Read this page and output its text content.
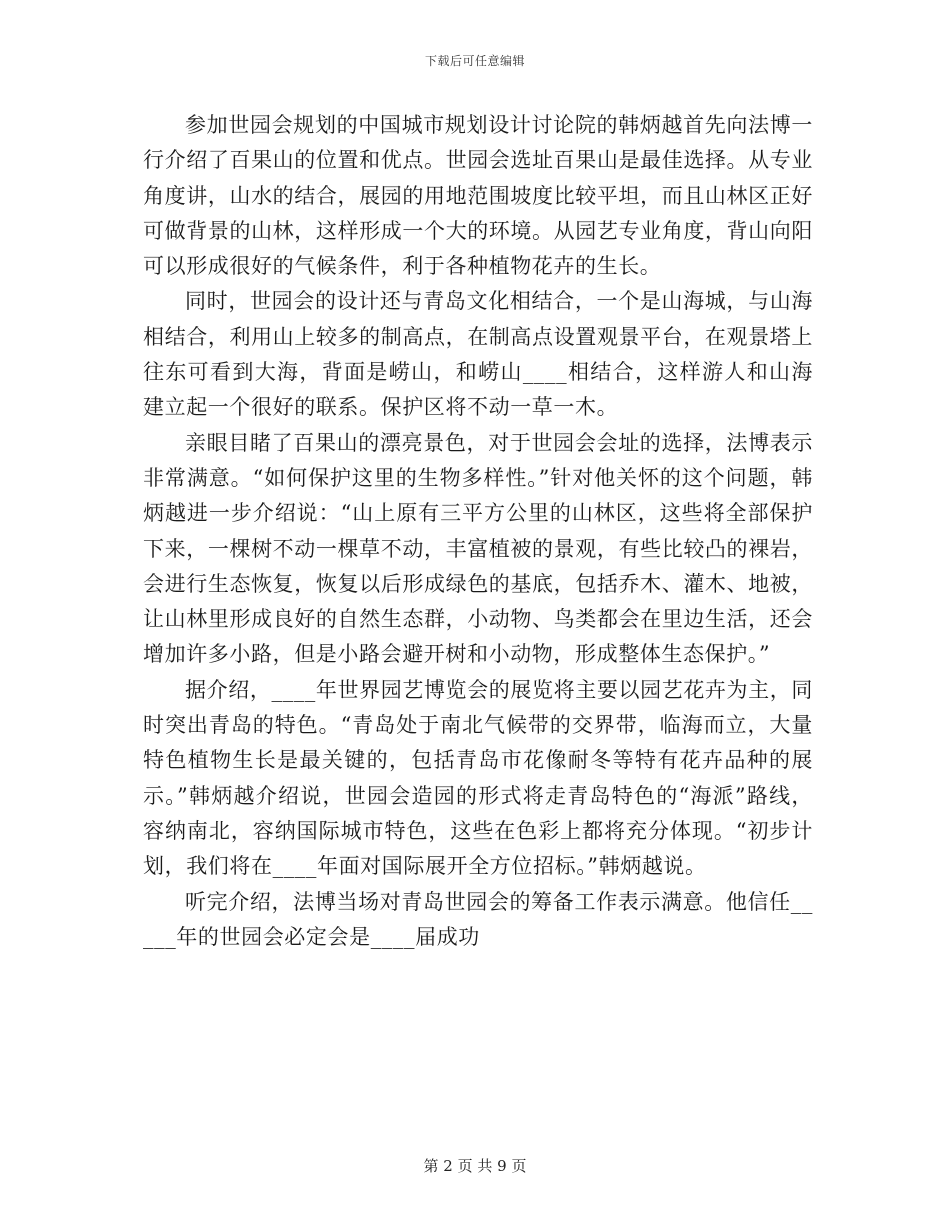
下载后可任意编辑

参加世园会规划的中国城市规划设计讨论院的韩炳越首先向法博一行介绍了百果山的位置和优点。世园会选址百果山是最佳选择。从专业角度讲，山水的结合，展园的用地范围坡度比较平坦，而且山林区正好可做背景的山林，这样形成一个大的环境。从园艺专业角度，背山向阳可以形成很好的气候条件，利于各种植物花卉的生长。

同时，世园会的设计还与青岛文化相结合，一个是山海城，与山海相结合，利用山上较多的制高点，在制高点设置观景平台，在观景塔上往东可看到大海，背面是崂山，和崂山____相结合，这样游人和山海建立起一个很好的联系。保护区将不动一草一木。

亲眼目睹了百果山的漂亮景色，对于世园会会址的选择，法博表示非常满意。“如何保护这里的生物多样性。”针对他关怀的这个问题，韩炳越进一步介绍说：“山上原有三平方公里的山林区，这些将全部保护下来，一棵树不动一棵草不动，丰富植被的景观，有些比较凸的裸岩，会进行生态恢复，恢复以后形成绿色的基底，包括乔木、灌木、地被，让山林里形成良好的自然生态群，小动物、鸟类都会在里边生活，还会增加许多小路，但是小路会避开树和小动物，形成整体生态保护。”

据介绍，____年世界园艺博览会的展览将主要以园艺花卉为主，同时突出青岛的特色。“青岛处于南北气候带的交界带，临海而立，大量特色植物生长是最关键的，包括青岛市花像耐冬等特有花卉品种的展示。”韩炳越介绍说，世园会造园的形式将走青岛特色的“海派”路线，容纳南北，容纳国际城市特色，这些在色彩上都将充分体现。“初步计划，我们将在____年面对国际展开全方位招标。”韩炳越说。

听完介绍，法博当场对青岛世园会的筹备工作表示满意。他信任_____年的世园会必定会是____届成功

第 2 页 共 9 页
